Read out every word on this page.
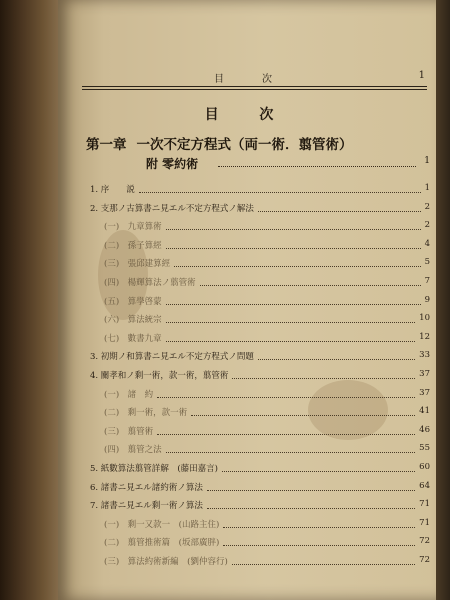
目	次	1
目 次
第一章 一次不定方程式（両一術．翦管術）
附 零約術	1
1. 序　　説	1
2. 支那ノ古算書ニ見エル不定方程式ノ解法	2
(一)　九章算術	2
(二)　孫子算經	4
(三)　張邱建算經	5
(四)　楊輝算法ノ翦管術	7
(五)　算學啓蒙	9
(六)　算法統宗	10
(七)　數書九章	12
3. 初期ノ和算書ニ見エル不定方程式ノ問題	33
4. 關孝和ノ剩一術，款一術，翦管術	37
(一)　諸　約	37
(二)　剩一術，款一術	41
(三)　翦管術	46
(四)　翦管之法	55
5. 紙數算法翦管詳解　(藤田嘉言)	60
6. 諸書ニ見エル諸約術ノ算法	64
7. 諸書ニ見エル剩一術ノ算法	71
(一)　剩一又款一　(山路主住)	71
(二)　翦管推術篇　(坂部廣胖)	72
(三)　算法約術新編　(劉仲容行)	72
